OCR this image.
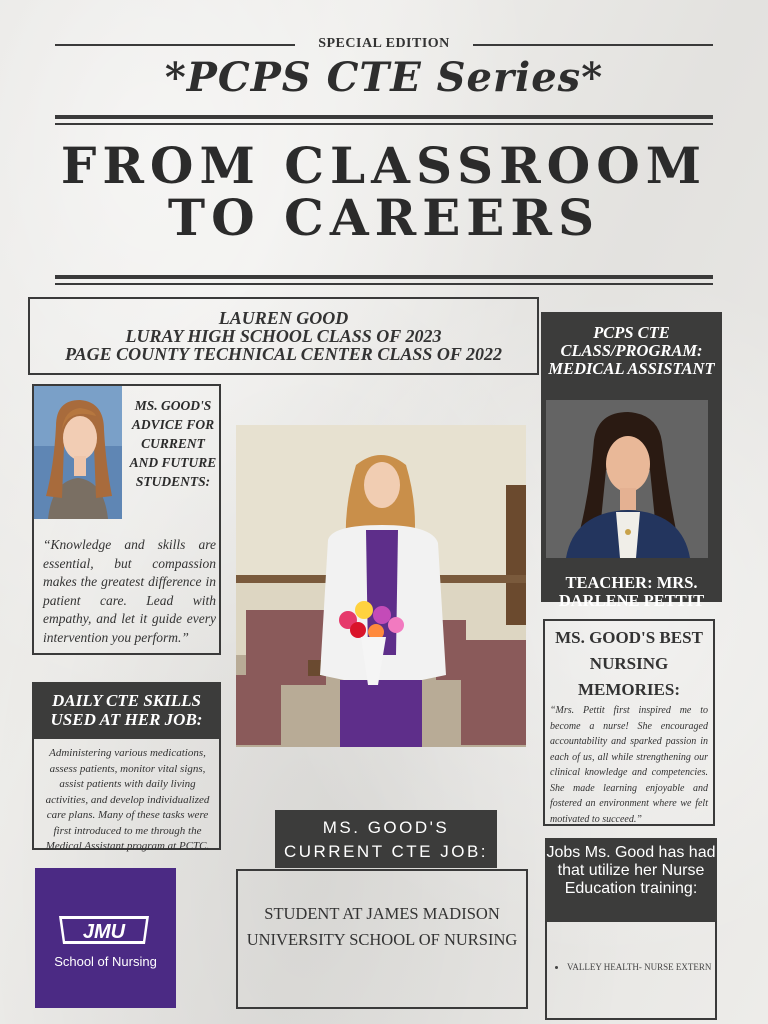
SPECIAL EDITION
*PCPS CTE Series*
FROM CLASSROOM
TO CAREERS
LAUREN GOOD
LURAY HIGH SCHOOL CLASS OF 2023
PAGE COUNTY TECHNICAL CENTER CLASS OF 2022
MS. GOOD'S ADVICE FOR CURRENT AND FUTURE STUDENTS:
“Knowledge and skills are essential, but compassion makes the greatest difference in patient care. Lead with empathy, and let it guide every intervention you perform.”
DAILY CTE SKILLS USED AT HER JOB:
Administering various medications, assess patients, monitor vital signs, assist patients with daily living activities, and develop individualized care plans. Many of these tasks were first introduced to me through the Medical Assistant program at PCTC.
JMU
School of Nursing
PCPS CTE CLASS/PROGRAM: MEDICAL ASSISTANT
TEACHER: MRS. DARLENE PETTIT
MS. GOOD'S BEST NURSING MEMORIES:
“Mrs. Pettit first inspired me to become a nurse! She encouraged accountability and sparked passion in each of us, all while strengthening our clinical knowledge and competencies. She made learning enjoyable and fostered an environment where we felt motivated to succeed.”
MS. GOOD'S CURRENT CTE JOB:
STUDENT AT JAMES MADISON UNIVERSITY SCHOOL OF NURSING
Jobs Ms. Good has had that utilize her Nurse Education training:
• VALLEY HEALTH- NURSE EXTERN
